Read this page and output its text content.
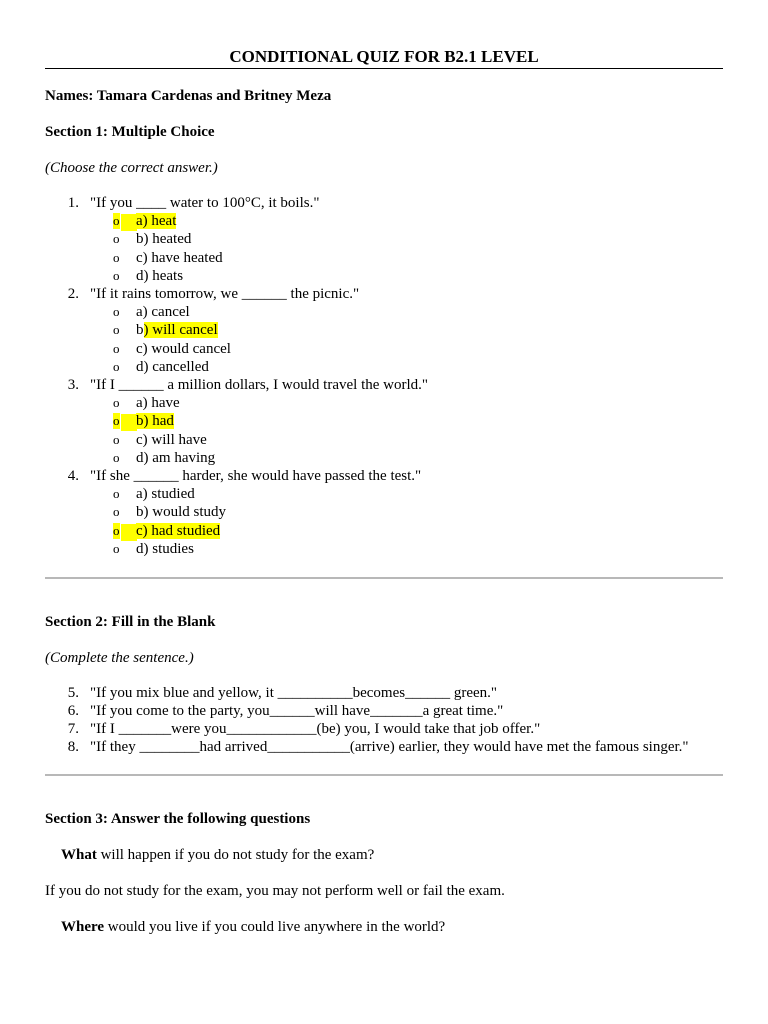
CONDITIONAL QUIZ FOR B2.1 LEVEL
Names: Tamara Cardenas and Britney Meza
Section 1: Multiple Choice
(Choose the correct answer.)
1. "If you ____ water to 100°C, it boils."
o a) heat
o b) heated
o c) have heated
o d) heats
2. "If it rains tomorrow, we ______ the picnic."
o a) cancel
o b) will cancel
o c) would cancel
o d) cancelled
3. "If I ______ a million dollars, I would travel the world."
o a) have
o b) had
o c) will have
o d) am having
4. "If she ______ harder, she would have passed the test."
o a) studied
o b) would study
o c) had studied
o d) studies
Section 2: Fill in the Blank
(Complete the sentence.)
5. "If you mix blue and yellow, it __________becomes______ green."
6. "If you come to the party, you______will have_______a great time."
7. "If I _______were you____________(be) you, I would take that job offer."
8. "If they ________had arrived___________(arrive) earlier, they would have met the famous singer."
Section 3: Answer the following questions
What will happen if you do not study for the exam?
If you do not study for the exam, you may not perform well or fail the exam.
Where would you live if you could live anywhere in the world?
